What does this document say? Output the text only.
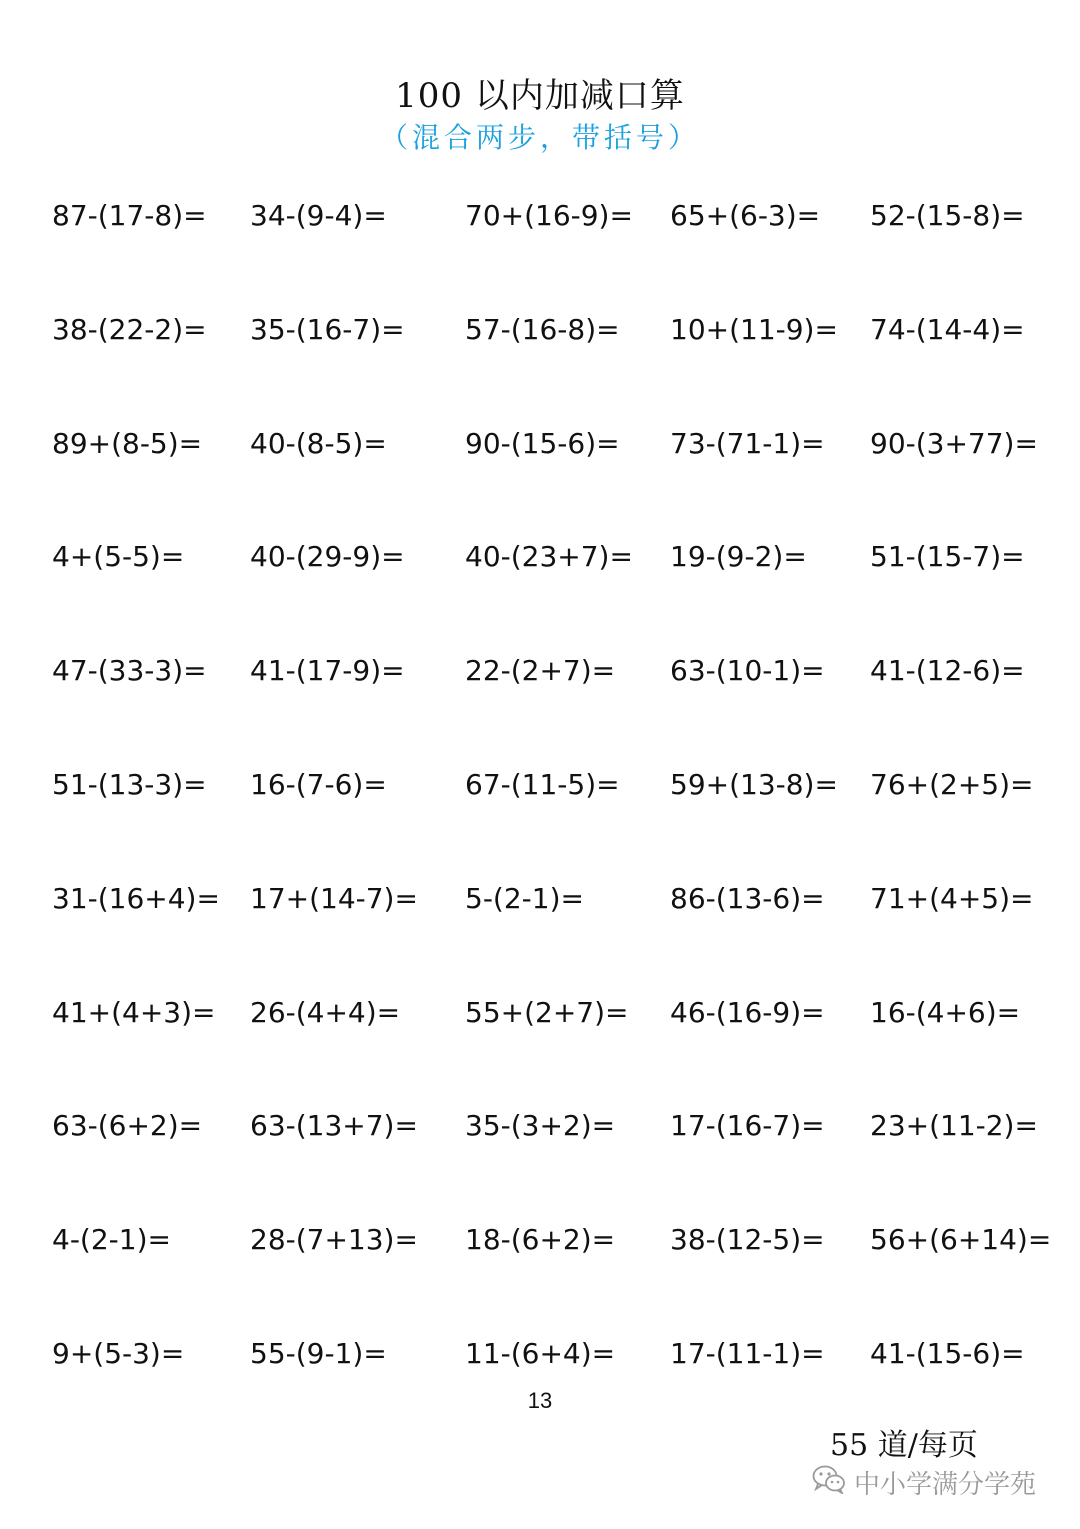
100 以内加减口算
（混合两步，带括号）
87-(17-8)= 34-(9-4)=	70+(16-9)= 65+(6-3)= 52-(15-8)=
38-(22-2)= 35-(16-7)= 57-(16-8)= 10+(11-9)= 74-(14-4)=
89+(8-5)= 40-(8-5)=	90-(15-6)= 73-(71-1)= 90-(3+77)=
4+(5-5)= 40-(29-9)= 40-(23+7)= 19-(9-2)= 51-(15-7)=
47-(33-3)= 41-(17-9)= 22-(2+7)= 63-(10-1)= 41-(12-6)=
51-(13-3)= 16-(7-6)=	67-(11-5)= 59+(13-8)= 76+(2+5)=
31-(16+4)= 17+(14-7)= 5-(2-1)=	86-(13-6)= 71+(4+5)=
41+(4+3)= 26-(4+4)= 55+(2+7)= 46-(16-9)= 16-(4+6)=
63-(6+2)= 63-(13+7)= 35-(3+2)= 17-(16-7)= 23+(11-2)=
4-(2-1)=	28-(7+13)= 18-(6+2)= 38-(12-5)= 56+(6+14)=
9+(5-3)= 55-(9-1)=	11-(6+4)= 17-(11-1)= 41-(15-6)=
13
55 道/每页
中小学满分学苑
